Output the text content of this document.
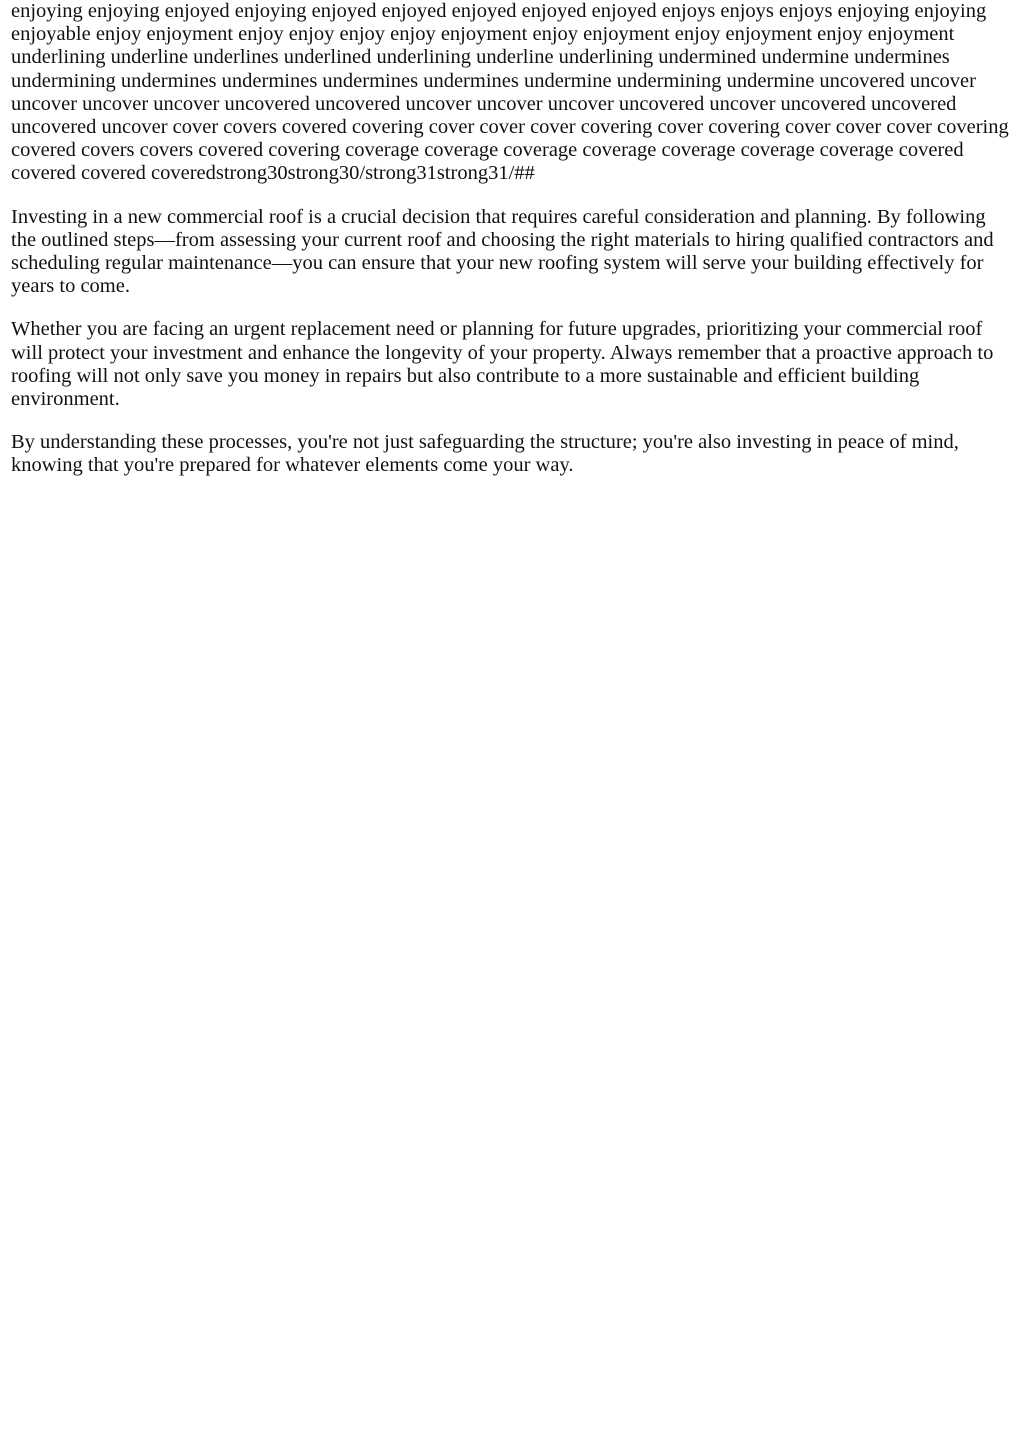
enjoying enjoying enjoyed enjoying enjoyed enjoyed enjoyed enjoyed enjoyed enjoys enjoys enjoys enjoying enjoying enjoyable enjoy enjoyment enjoy enjoy enjoy enjoy enjoyment enjoy enjoyment enjoy enjoyment enjoy enjoyment underlining underline underlines underlined underlining underline underlining undermined undermine undermines undermining undermines undermines undermines undermines undermine undermining undermine uncovered uncover uncover uncover uncover uncovered uncovered uncover uncover uncover uncovered uncover uncovered uncovered uncovered uncover cover covers covered covering cover cover cover covering cover covering cover cover cover covering covered covers covers covered covering coverage coverage coverage coverage coverage coverage coverage covered covered covered coveredstrong30strong30/strong31strong31/##

Investing in a new commercial roof is a crucial decision that requires careful consideration and planning. By following the outlined steps—from assessing your current roof and choosing the right materials to hiring qualified contractors and scheduling regular maintenance—you can ensure that your new roofing system will serve your building effectively for years to come.

Whether you are facing an urgent replacement need or planning for future upgrades, prioritizing your commercial roof will protect your investment and enhance the longevity of your property. Always remember that a proactive approach to roofing will not only save you money in repairs but also contribute to a more sustainable and efficient building environment.

By understanding these processes, you're not just safeguarding the structure; you're also investing in peace of mind, knowing that you're prepared for whatever elements come your way.
